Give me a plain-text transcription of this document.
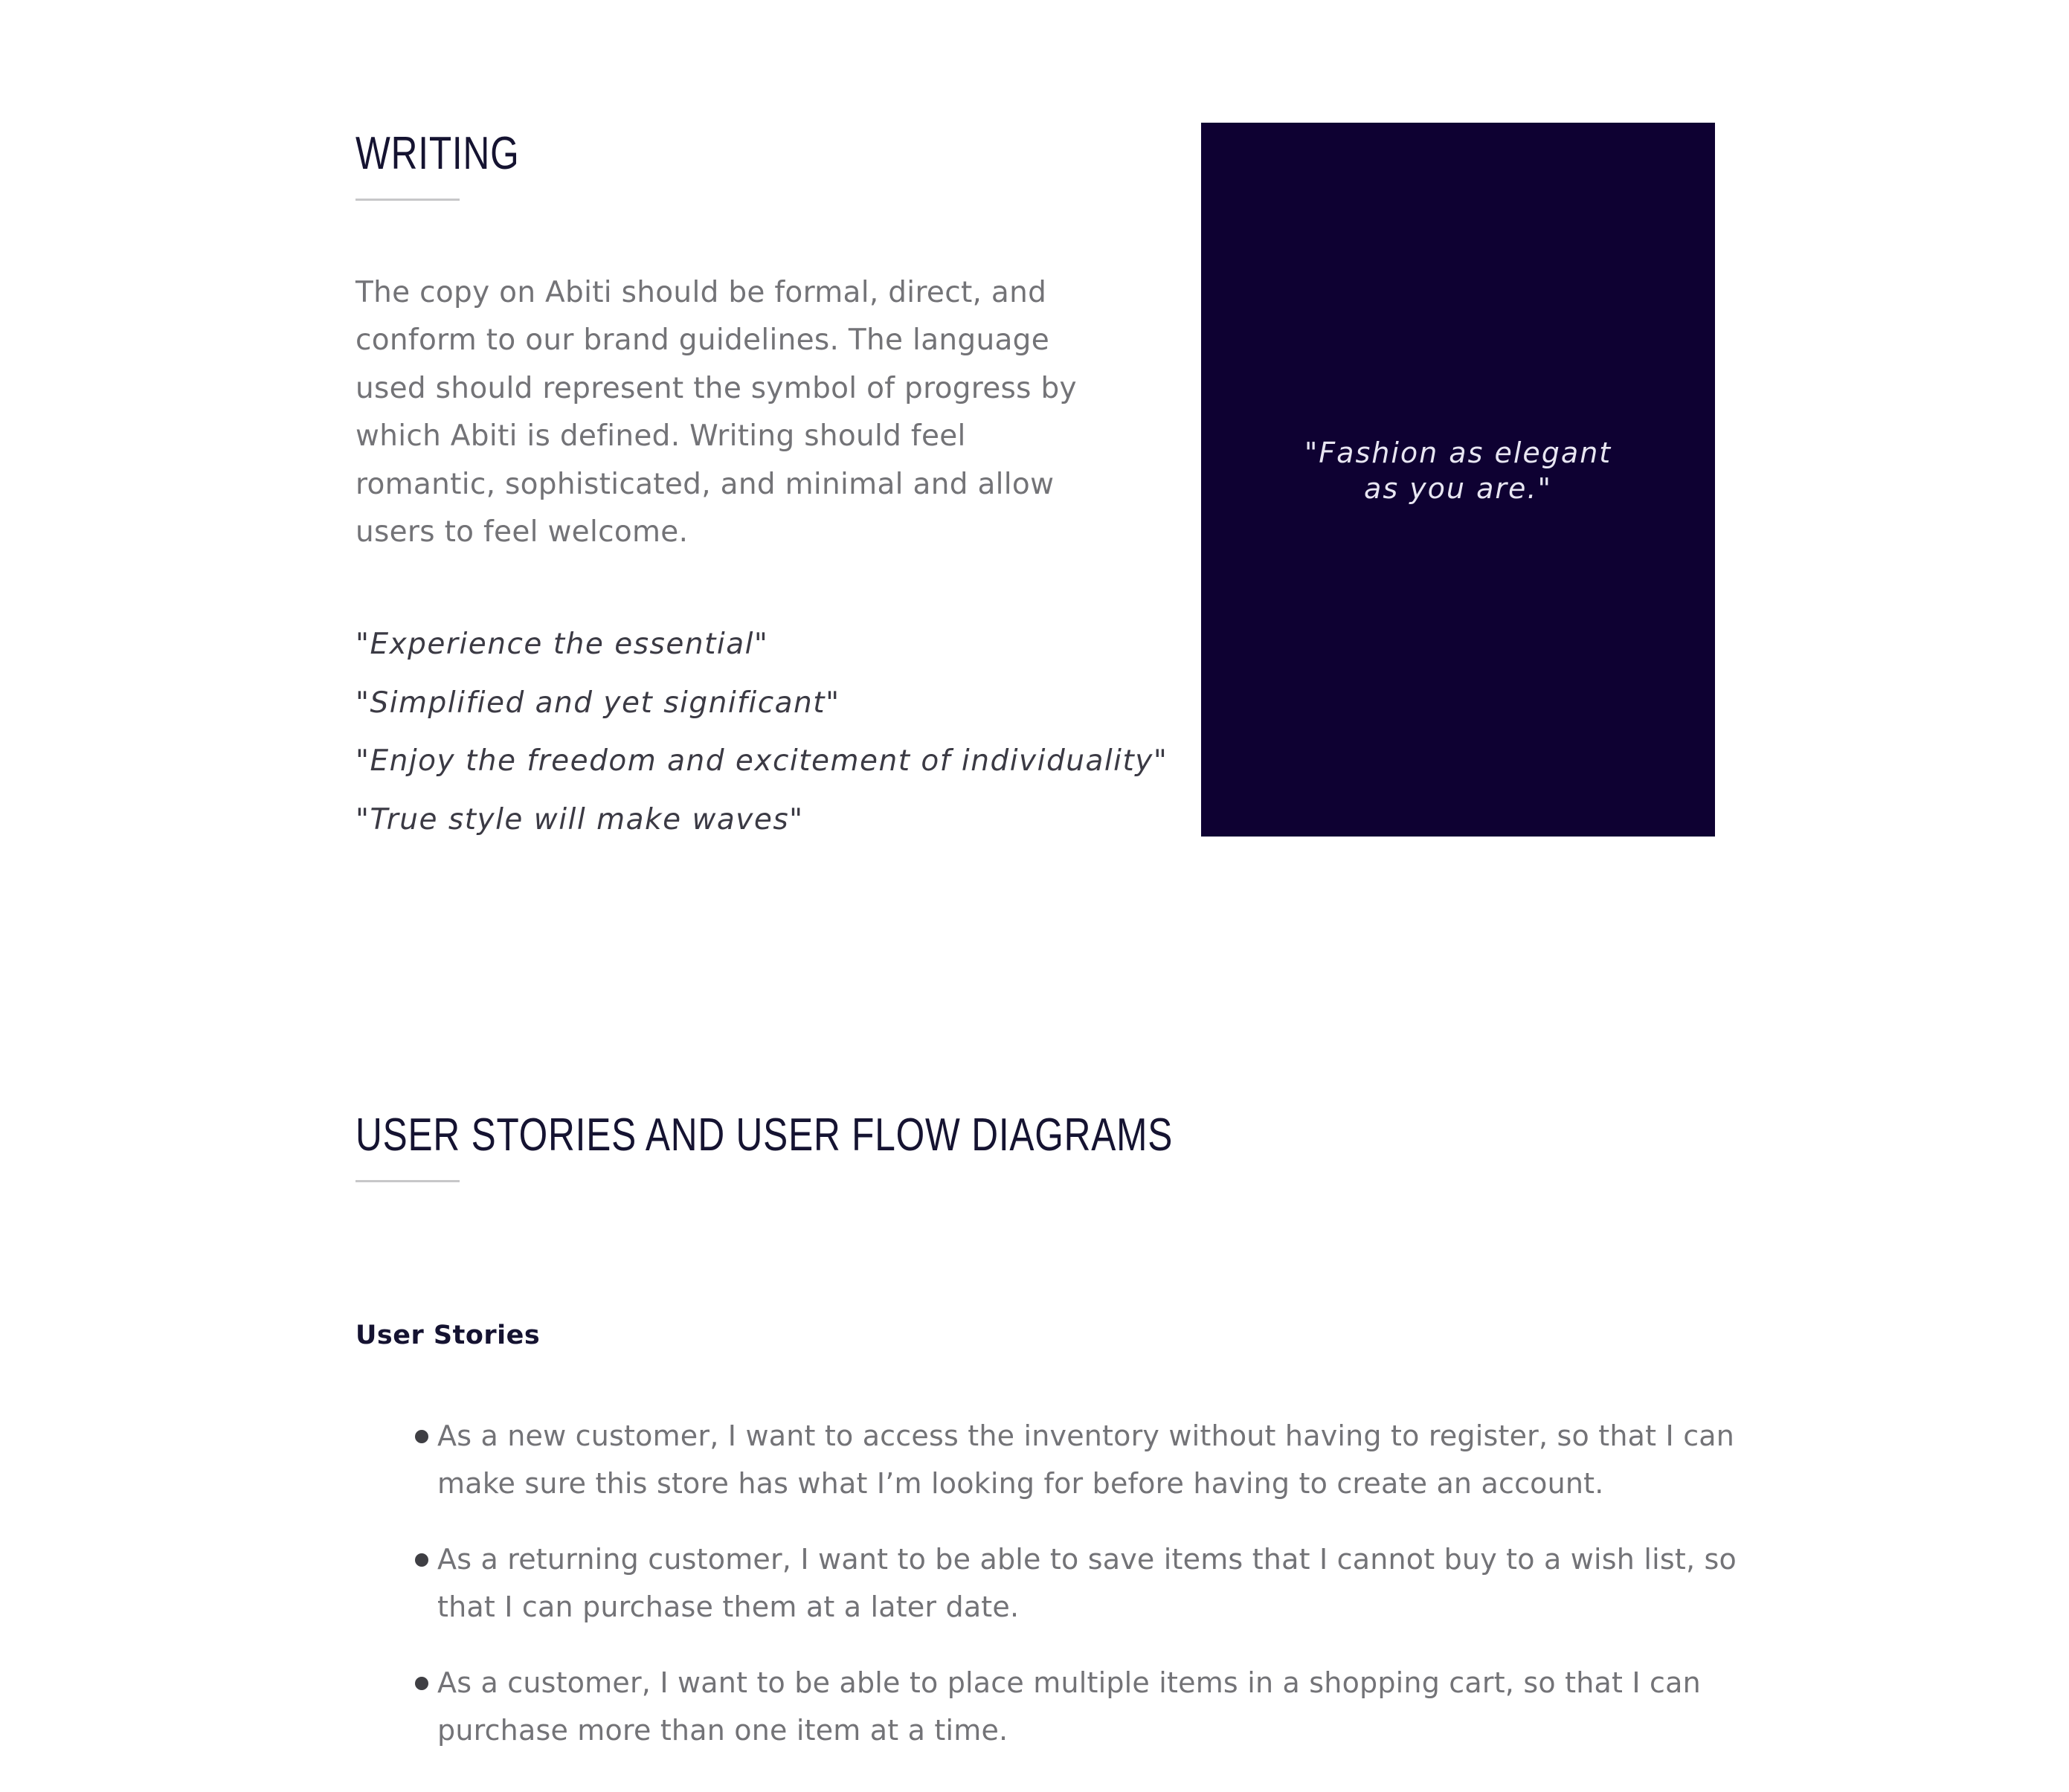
WRITING

The copy on Abiti should be formal, direct, and conform to our brand guidelines. The language used should represent the symbol of progress by which Abiti is defined. Writing should feel romantic, sophisticated, and minimal and allow users to feel welcome.

"Experience the essential"
"Simplified and yet significant"
"Enjoy the freedom and excitement of individuality"
"True style will make waves"

"Fashion as elegant as you are."

USER STORIES AND USER FLOW DIAGRAMS
User Stories
As a new customer, I want to access the inventory without having to register, so that I can make sure this store has what I’m looking for before having to create an account.
As a returning customer, I want to be able to save items that I cannot buy to a wish list, so that I can purchase them at a later date.
As a customer, I want to be able to place multiple items in a shopping cart, so that I can purchase more than one item at a time.
